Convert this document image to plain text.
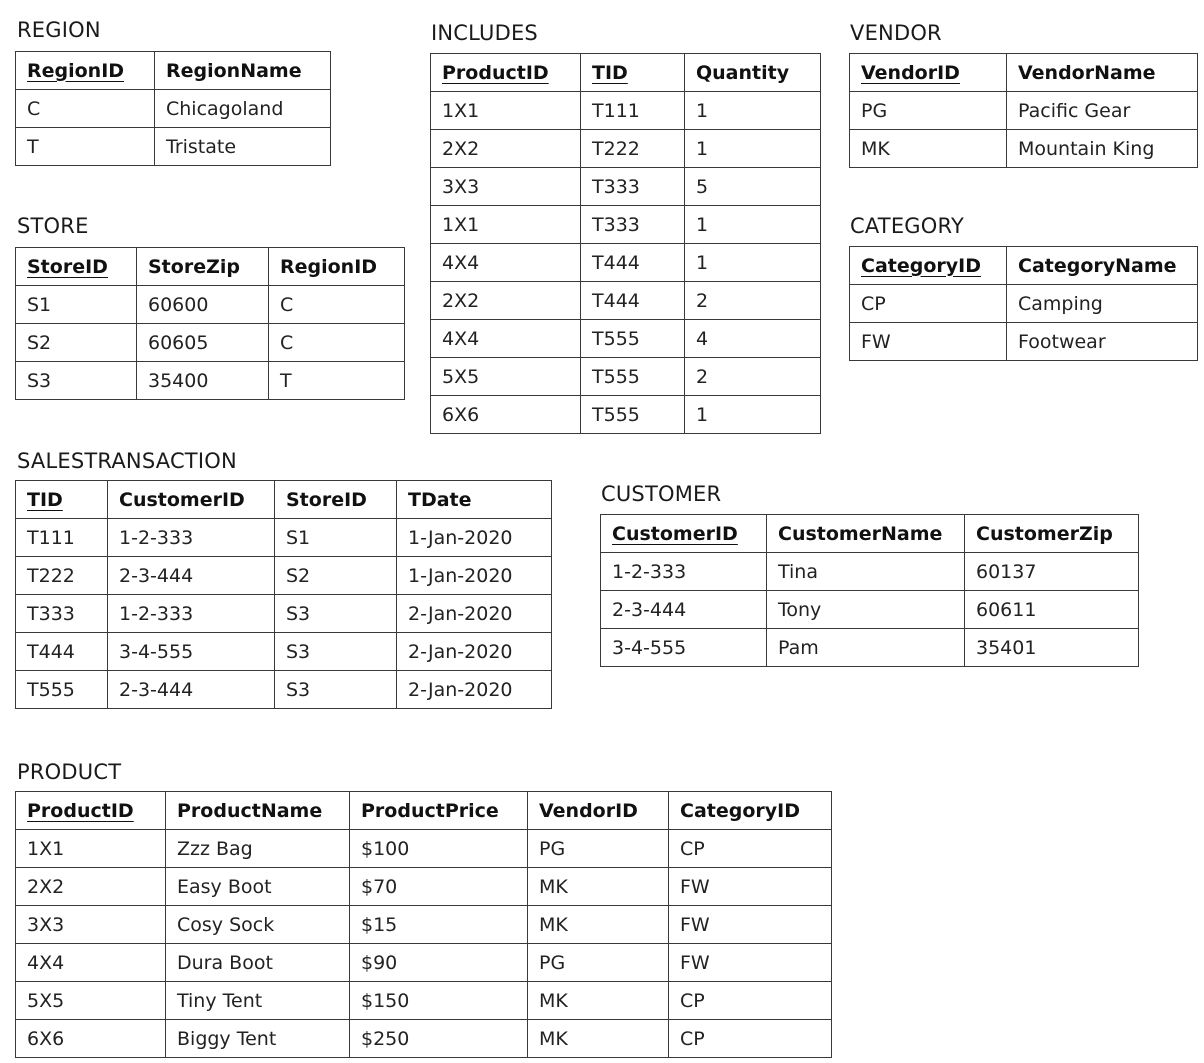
REGION
RegionID	RegionName
C	Chicagoland
T	Tristate
STORE
StoreID	StoreZip	RegionID
S1	60600	C
S2	60605	C
S3	35400	T
INCLUDES
ProductID	TID	Quantity
1X1	T111	1
2X2	T222	1
3X3	T333	5
1X1	T333	1
4X4	T444	1
2X2	T444	2
4X4	T555	4
5X5	T555	2
6X6	T555	1
VENDOR
VendorID	VendorName
PG	Pacific Gear
MK	Mountain King
CATEGORY
CategoryID	CategoryName
CP	Camping
FW	Footwear
SALESTRANSACTION
TID	CustomerID	StoreID	TDate
T111	1-2-333	S1	1-Jan-2020
T222	2-3-444	S2	1-Jan-2020
T333	1-2-333	S3	2-Jan-2020
T444	3-4-555	S3	2-Jan-2020
T555	2-3-444	S3	2-Jan-2020
CUSTOMER
CustomerID	CustomerName	CustomerZip
1-2-333	Tina	60137
2-3-444	Tony	60611
3-4-555	Pam	35401
PRODUCT
ProductID	ProductName	ProductPrice	VendorID	CategoryID
1X1	Zzz Bag	$100	PG	CP
2X2	Easy Boot	$70	MK	FW
3X3	Cosy Sock	$15	MK	FW
4X4	Dura Boot	$90	PG	FW
5X5	Tiny Tent	$150	MK	CP
6X6	Biggy Tent	$250	MK	CP
